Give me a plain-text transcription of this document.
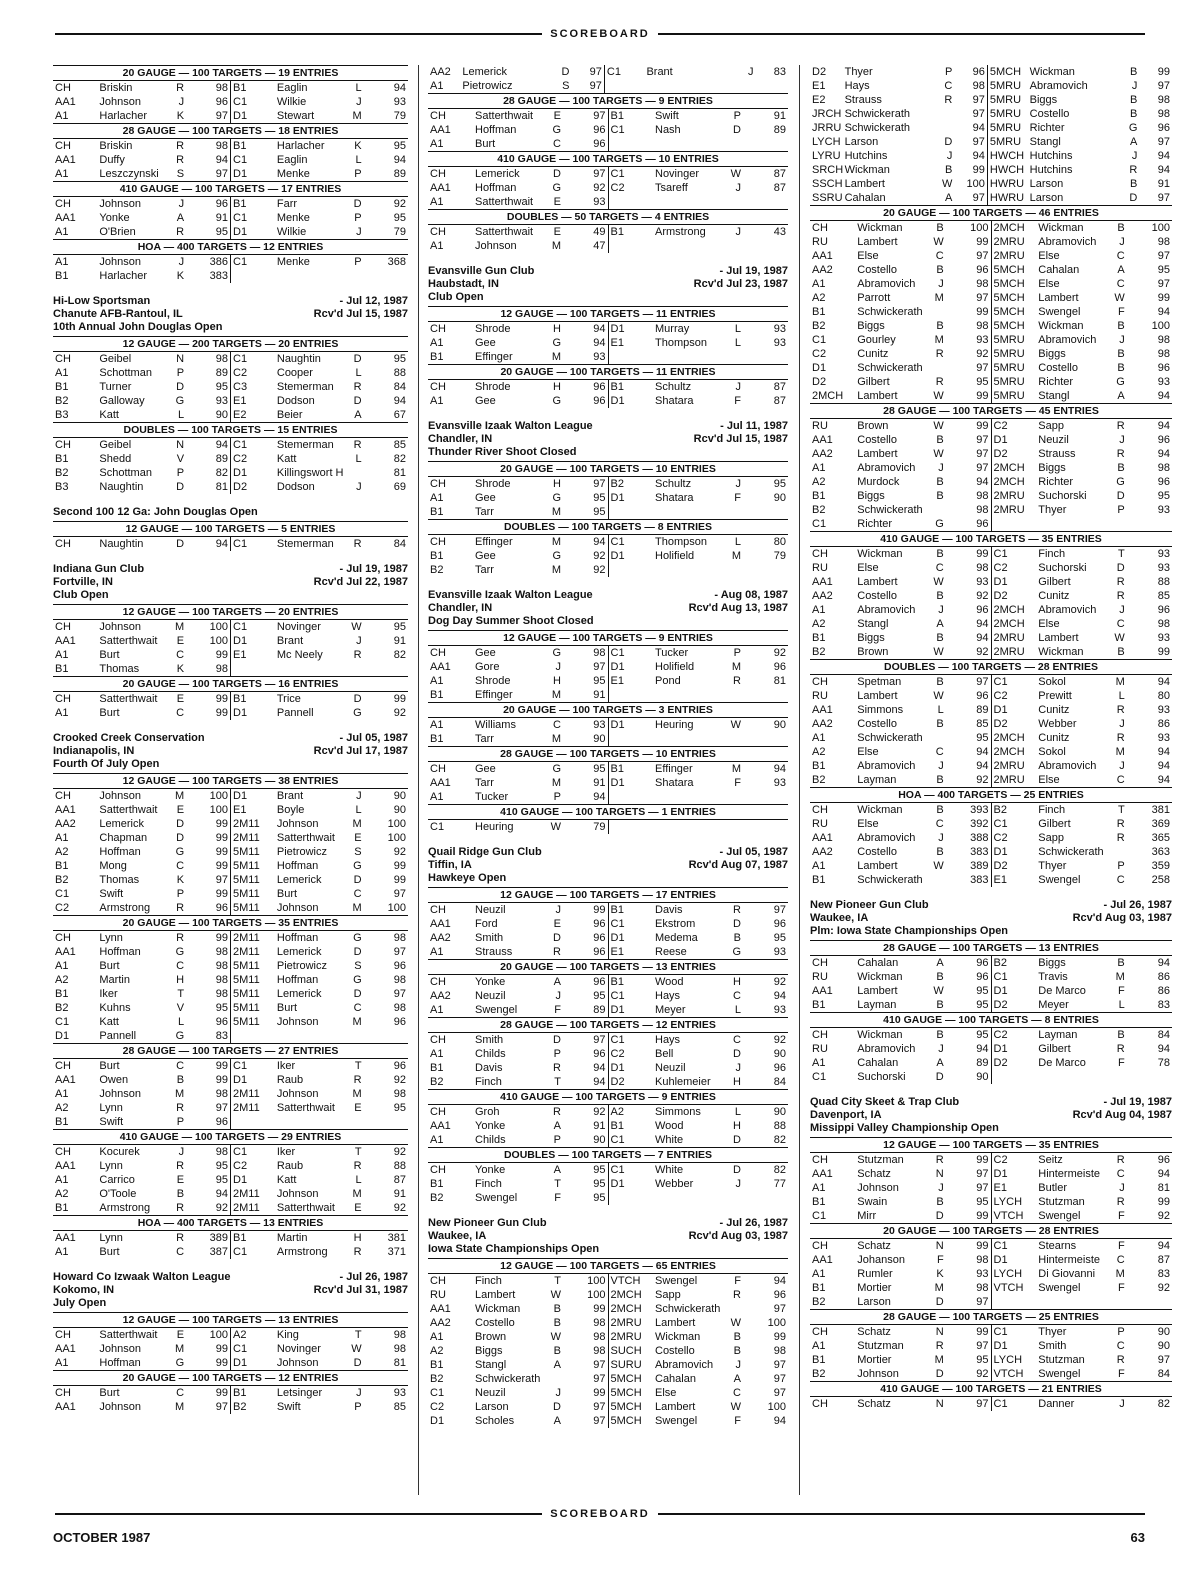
SCOREBOARD
20 GAUGE — 100 TARGETS — 19 ENTRIES							
CH	Briskin	R	98	B1	Eaglin	L	94
AA1	Johnson	J	96	C1	Wilkie	J	93
A1	Harlacher	K	97	D1	Stewart	M	79
28 GAUGE — 100 TARGETS — 18 ENTRIES							
CH	Briskin	R	98	B1	Harlacher	K	95
AA1	Duffy	R	94	C1	Eaglin	L	94
A1	Leszczynski	S	97	D1	Menke	P	89
410 GAUGE — 100 TARGETS — 17 ENTRIES							
CH	Johnson	J	96	B1	Farr	D	92
AA1	Yonke	A	91	C1	Menke	P	95
A1	O'Brien	R	95	D1	Wilkie	J	79
HOA — 400 TARGETS — 12 ENTRIES							
A1	Johnson	J	386	C1	Menke	P	368
B1	Harlacher	K	383				
Hi-Low Sportsman	- Jul 12, 1987
Chanute AFB-Rantoul, IL	Rcv'd Jul 15, 1987
10th Annual John Douglas Open
12 GAUGE — 200 TARGETS — 20 ENTRIES							
CH	Geibel	N	98	C1	Naughtin	D	95
A1	Schottman	P	89	C2	Cooper	L	88
B1	Turner	D	95	C3	Stemerman	R	84
B2	Galloway	G	93	E1	Dodson	D	94
B3	Katt	L	90	E2	Beier	A	67
DOUBLES — 100 TARGETS — 15 ENTRIES							
CH	Geibel	N	94	C1	Stemerman	R	85
B1	Shedd	V	89	C2	Katt	L	82
B2	Schottman	P	82	D1	Killingswort H		81
B3	Naughtin	D	81	D2	Dodson	J	69
Second 100 12 Ga: John Douglas Open
12 GAUGE — 100 TARGETS — 5 ENTRIES
CH	Naughtin	D	94	C1	Stemerman	R	84
Indiana Gun Club	- Jul 19, 1987
Fortville, IN	Rcv'd Jul 22, 1987
Club Open
12 GAUGE — 100 TARGETS — 20 ENTRIES							
CH	Johnson	M	100	C1	Novinger	W	95
AA1	Satterthwait	E	100	D1	Brant	J	91
A1	Burt	C	99	E1	Mc Neely	R	82
B1	Thomas	K	98				
20 GAUGE — 100 TARGETS — 16 ENTRIES							
CH	Satterthwait	E	99	B1	Trice	D	99
A1	Burt	C	99	D1	Pannell	G	92
Crooked Creek Conservation	- Jul 05, 1987
Indianapolis, IN	Rcv'd Jul 17, 1987
Fourth Of July Open
12 GAUGE — 100 TARGETS — 38 ENTRIES							
CH	Johnson	M	100	D1	Brant	J	90
AA1	Satterthwait	E	100	E1	Boyle	L	90
AA2	Lemerick	D	99	2M11	Johnson	M	100
A1	Chapman	D	99	2M11	Satterthwait	E	100
A2	Hoffman	G	99	5M11	Pietrowicz	S	92
B1	Mong	C	99	5M11	Hoffman	G	99
B2	Thomas	K	97	5M11	Lemerick	D	99
C1	Swift	P	99	5M11	Burt	C	97
C2	Armstrong	R	96	5M11	Johnson	M	100
20 GAUGE — 100 TARGETS — 35 ENTRIES							
CH	Lynn	R	99	2M11	Hoffman	G	98
AA1	Hoffman	G	98	2M11	Lemerick	D	97
A1	Burt	C	98	5M11	Pietrowicz	S	96
A2	Martin	H	98	5M11	Hoffman	G	98
B1	Iker	T	98	5M11	Lemerick	D	97
B2	Kuhns	V	95	5M11	Burt	C	98
C1	Katt	L	96	5M11	Johnson	M	96
D1	Pannell	G	83				
28 GAUGE — 100 TARGETS — 27 ENTRIES							
CH	Burt	C	99	C1	Iker	T	96
AA1	Owen	B	99	D1	Raub	R	92
A1	Johnson	M	98	2M11	Johnson	M	98
A2	Lynn	R	97	2M11	Satterthwait	E	95
B1	Swift	P	96				
410 GAUGE — 100 TARGETS — 29 ENTRIES							
CH	Kocurek	J	98	C1	Iker	T	92
AA1	Lynn	R	95	C2	Raub	R	88
A1	Carrico	E	95	D1	Katt	L	87
A2	O'Toole	B	94	2M11	Johnson	M	91
B1	Armstrong	R	92	2M11	Satterthwait	E	92
HOA — 400 TARGETS — 13 ENTRIES							
AA1	Lynn	R	389	B1	Martin	H	381
A1	Burt	C	387	C1	Armstrong	R	371
Howard Co Izwaak Walton League	- Jul 26, 1987
Kokomo, IN	Rcv'd Jul 31, 1987
July Open
12 GAUGE — 100 TARGETS — 13 ENTRIES							
CH	Satterthwait	E	100	A2	King	T	98
AA1	Johnson	M	99	C1	Novinger	W	98
A1	Hoffman	G	99	D1	Johnson	D	81
20 GAUGE — 100 TARGETS — 12 ENTRIES							
CH	Burt	C	99	B1	Letsinger	J	93
AA1	Johnson	M	97	B2	Swift	P	85
AA2	Lemerick	D	97	C1	Brant	J	83
A1	Pietrowicz	S	97				
28 GAUGE — 100 TARGETS — 9 ENTRIES							
CH	Satterthwait	E	97	B1	Swift	P	91
AA1	Hoffman	G	96	C1	Nash	D	89
A1	Burt	C	96				
410 GAUGE — 100 TARGETS — 10 ENTRIES							
CH	Lemerick	D	97	C1	Novinger	W	87
AA1	Hoffman	G	92	C2	Tsareff	J	87
A1	Satterthwait	E	93				
DOUBLES — 50 TARGETS — 4 ENTRIES							
CH	Satterthwait	E	49	B1	Armstrong	J	43
A1	Johnson	M	47				
Evansville Gun Club	- Jul 19, 1987
Haubstadt, IN	Rcv'd Jul 23, 1987
Club Open
12 GAUGE — 100 TARGETS — 11 ENTRIES							
CH	Shrode	H	94	D1	Murray	L	93
A1	Gee	G	94	E1	Thompson	L	93
B1	Effinger	M	93				
20 GAUGE — 100 TARGETS — 11 ENTRIES							
CH	Shrode	H	96	B1	Schultz	J	87
A1	Gee	G	96	D1	Shatara	F	87
Evansville Izaak Walton League	- Jul 11, 1987
Chandler, IN	Rcv'd Jul 15, 1987
Thunder River Shoot Closed
20 GAUGE — 100 TARGETS — 10 ENTRIES							
CH	Shrode	H	97	B2	Schultz	J	95
A1	Gee	G	95	D1	Shatara	F	90
B1	Tarr	M	95				
DOUBLES — 100 TARGETS — 8 ENTRIES							
CH	Effinger	M	94	C1	Thompson	L	80
B1	Gee	G	92	D1	Holifield	M	79
B2	Tarr	M	92				
Evansville Izaak Walton League	- Aug 08, 1987
Chandler, IN	Rcv'd Aug 13, 1987
Dog Day Summer Shoot Closed
12 GAUGE — 100 TARGETS — 9 ENTRIES							
CH	Gee	G	98	C1	Tucker	P	92
AA1	Gore	J	97	D1	Holifield	M	96
A1	Shrode	H	95	E1	Pond	R	81
B1	Effinger	M	91				
20 GAUGE — 100 TARGETS — 3 ENTRIES							
A1	Williams	C	93	D1	Heuring	W	90
B1	Tarr	M	90				
28 GAUGE — 100 TARGETS — 10 ENTRIES							
CH	Gee	G	95	B1	Effinger	M	94
AA1	Tarr	M	91	D1	Shatara	F	93
A1	Tucker	P	94				
410 GAUGE — 100 TARGETS — 1 ENTRIES
C1	Heuring	W	79				
Quail Ridge Gun Club	- Jul 05, 1987
Tiffin, IA	Rcv'd Aug 07, 1987
Hawkeye Open
12 GAUGE — 100 TARGETS — 17 ENTRIES							
CH	Neuzil	J	99	B1	Davis	R	97
AA1	Ford	E	96	C1	Ekstrom	D	96
AA2	Smith	D	96	D1	Medema	B	95
A1	Strauss	R	96	E1	Reese	G	93
20 GAUGE — 100 TARGETS — 13 ENTRIES							
CH	Yonke	A	96	B1	Wood	H	92
AA2	Neuzil	J	95	C1	Hays	C	94
A1	Swengel	F	89	D1	Meyer	L	93
28 GAUGE — 100 TARGETS — 12 ENTRIES							
CH	Smith	D	97	C1	Hays	C	92
A1	Childs	P	96	C2	Bell	D	90
B1	Davis	R	94	D1	Neuzil	J	96
B2	Finch	T	94	D2	Kuhlemeier	H	84
410 GAUGE — 100 TARGETS — 9 ENTRIES							
CH	Groh	R	92	A2	Simmons	L	90
AA1	Yonke	A	91	B1	Wood	H	88
A1	Childs	P	90	C1	White	D	82
DOUBLES — 100 TARGETS — 7 ENTRIES							
CH	Yonke	A	95	C1	White	D	82
B1	Finch	T	95	D1	Webber	J	77
B2	Swengel	F	95				
New Pioneer Gun Club	- Jul 26, 1987
Waukee, IA	Rcv'd Aug 03, 1987
Iowa State Championships Open
12 GAUGE — 100 TARGETS — 65 ENTRIES							
CH	Finch	T	100	VTCH	Swengel	F	94
RU	Lambert	W	100	2MCH	Sapp	R	96
AA1	Wickman	B	99	2MCH	Schwickerath		97
AA2	Costello	B	98	2MRU	Lambert	W	100
A1	Brown	W	98	2MRU	Wickman	B	99
A2	Biggs	B	98	SUCH	Costello	B	98
B1	Stangl	A	97	SURU	Abramovich	J	97
B2	Schwickerath		97	5MCH	Cahalan	A	97
C1	Neuzil	J	99	5MCH	Else	C	97
C2	Larson	D	97	5MCH	Lambert	W	100
D1	Scholes	A	97	5MCH	Swengel	F	94
D2	Thyer	P	96	5MCH	Wickman	B	99
E1	Hays	C	98	5MRU	Abramovich	J	97
E2	Strauss	R	97	5MRU	Biggs	B	98
JRCH	Schwickerath		97	5MRU	Costello	B	98
JRRU	Schwickerath		94	5MRU	Richter	G	96
LYCH	Larson	D	97	5MRU	Stangl	A	97
LYRU	Hutchins	J	94	HWCH	Hutchins	J	94
SRCH	Wickman	B	99	HWCH	Hutchins	R	94
SSCH	Lambert	W	100	HWRU	Larson	B	91
SSRU	Cahalan	A	97	HWRU	Larson	D	97
20 GAUGE — 100 TARGETS — 46 ENTRIES							
CH	Wickman	B	100	2MCH	Wickman	B	100
RU	Lambert	W	99	2MRU	Abramovich	J	98
AA1	Else	C	97	2MRU	Else	C	97
AA2	Costello	B	96	5MCH	Cahalan	A	95
A1	Abramovich	J	98	5MCH	Else	C	97
A2	Parrott	M	97	5MCH	Lambert	W	99
B1	Schwickerath		99	5MCH	Swengel	F	94
B2	Biggs	B	98	5MCH	Wickman	B	100
C1	Gourley	M	93	5MRU	Abramovich	J	98
C2	Cunitz	R	92	5MRU	Biggs	B	98
D1	Schwickerath		97	5MRU	Costello	B	96
D2	Gilbert	R	95	5MRU	Richter	G	93
2MCH	Lambert	W	99	5MRU	Stangl	A	94
28 GAUGE — 100 TARGETS — 45 ENTRIES							
RU	Brown	W	99	C2	Sapp	R	94
AA1	Costello	B	97	D1	Neuzil	J	96
AA2	Lambert	W	97	D2	Strauss	R	94
A1	Abramovich	J	97	2MCH	Biggs	B	98
A2	Murdock	B	94	2MCH	Richter	G	96
B1	Biggs	B	98	2MRU	Suchorski	D	95
B2	Schwickerath		98	2MRU	Thyer	P	93
C1	Richter	G	96				
410 GAUGE — 100 TARGETS — 35 ENTRIES							
CH	Wickman	B	99	C1	Finch	T	93
RU	Else	C	98	C2	Suchorski	D	93
AA1	Lambert	W	93	D1	Gilbert	R	88
AA2	Costello	B	92	D2	Cunitz	R	85
A1	Abramovich	J	96	2MCH	Abramovich	J	96
A2	Stangl	A	94	2MCH	Else	C	98
B1	Biggs	B	94	2MRU	Lambert	W	93
B2	Brown	W	92	2MRU	Wickman	B	99
DOUBLES — 100 TARGETS — 28 ENTRIES							
CH	Spetman	B	97	C1	Sokol	M	94
RU	Lambert	W	96	C2	Prewitt	L	80
AA1	Simmons	L	89	D1	Cunitz	R	93
AA2	Costello	B	85	D2	Webber	J	86
A1	Schwickerath		95	2MCH	Cunitz	R	93
A2	Else	C	94	2MCH	Sokol	M	94
B1	Abramovich	J	94	2MRU	Abramovich	J	94
B2	Layman	B	92	2MRU	Else	C	94
HOA — 400 TARGETS — 25 ENTRIES							
CH	Wickman	B	393	B2	Finch	T	381
RU	Else	C	392	C1	Gilbert	R	369
AA1	Abramovich	J	388	C2	Sapp	R	365
AA2	Costello	B	383	D1	Schwickerath		363
A1	Lambert	W	389	D2	Thyer	P	359
B1	Schwickerath		383	E1	Swengel	C	258
New Pioneer Gun Club	- Jul 26, 1987
Waukee, IA	Rcv'd Aug 03, 1987
Plm: Iowa State Championships Open
28 GAUGE — 100 TARGETS — 13 ENTRIES							
CH	Cahalan	A	96	B2	Biggs	B	94
RU	Wickman	B	96	C1	Travis	M	86
AA1	Lambert	W	95	D1	De Marco	F	86
B1	Layman	B	95	D2	Meyer	L	83
410 GAUGE — 100 TARGETS — 8 ENTRIES							
CH	Wickman	B	95	C2	Layman	B	84
RU	Abramovich	J	94	D1	Gilbert	R	94
A1	Cahalan	A	89	D2	De Marco	F	78
C1	Suchorski	D	90				
Quad City Skeet & Trap Club	- Jul 19, 1987
Davenport, IA	Rcv'd Aug 04, 1987
Missippi Valley Championship Open
12 GAUGE — 100 TARGETS — 35 ENTRIES							
CH	Stutzman	R	99	C2	Seitz	R	96
AA1	Schatz	N	97	D1	Hintermeiste	C	94
A1	Johnson	J	97	E1	Butler	J	81
B1	Swain	B	95	LYCH	Stutzman	R	99
C1	Mirr	D	99	VTCH	Swengel	F	92
20 GAUGE — 100 TARGETS — 28 ENTRIES							
CH	Schatz	N	99	C1	Stearns	F	94
AA1	Johanson	F	98	D1	Hintermeiste	C	87
A1	Rumler	K	93	LYCH	Di Giovanni	M	83
B1	Mortier	M	98	VTCH	Swengel	F	92
B2	Larson	D	97				
28 GAUGE — 100 TARGETS — 25 ENTRIES							
CH	Schatz	N	99	C1	Thyer	P	90
A1	Stutzman	R	97	D1	Smith	C	90
B1	Mortier	M	95	LYCH	Stutzman	R	97
B2	Johnson	D	92	VTCH	Swengel	F	84
410 GAUGE — 100 TARGETS — 21 ENTRIES
CH	Schatz	N	97	C1	Danner	J	82
SCOREBOARD
OCTOBER 1987	63
